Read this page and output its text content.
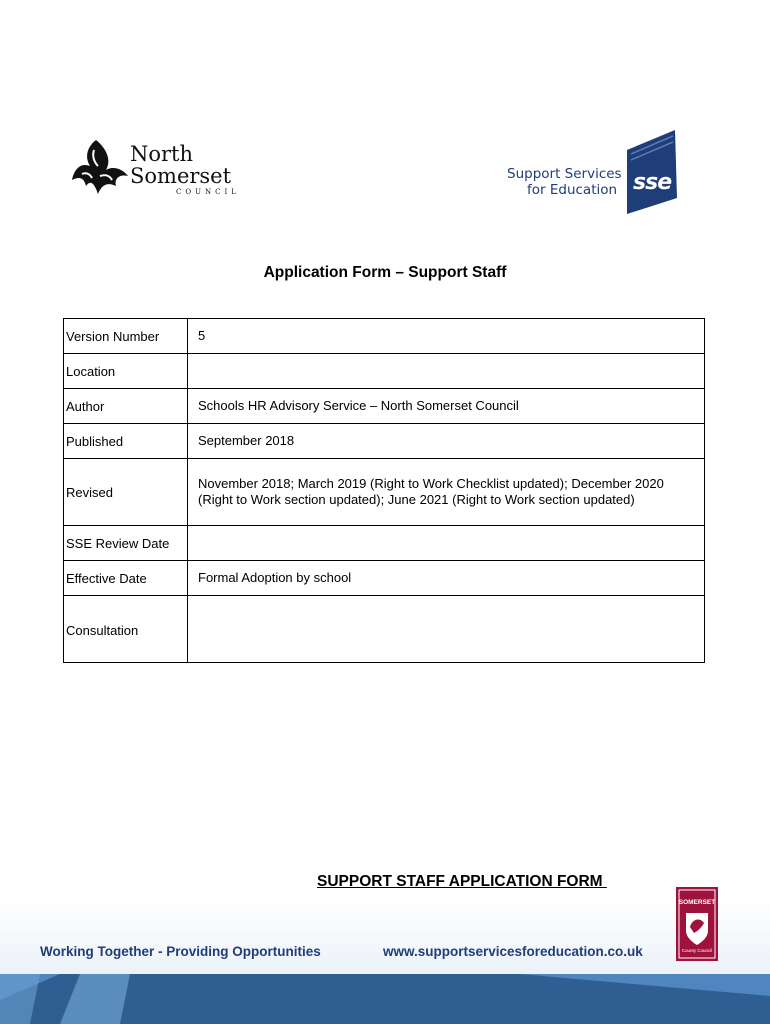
North
Somerset
COUNCIL
Support Services
for Education sse
Application Form – Support Staff
Version Number	5
Location	
Author	Schools HR Advisory Service – North Somerset Council
Published	September 2018
Revised	November 2018; March 2019 (Right to Work Checklist updated); December 2020 (Right to Work section updated); June 2021 (Right to Work section updated)
SSE Review Date	
Effective Date	Formal Adoption by school
Consultation	
SUPPORT STAFF APPLICATION FORM
Working Together - Providing Opportunities	www.supportservicesforeducation.co.uk
SOMERSET
County Council
